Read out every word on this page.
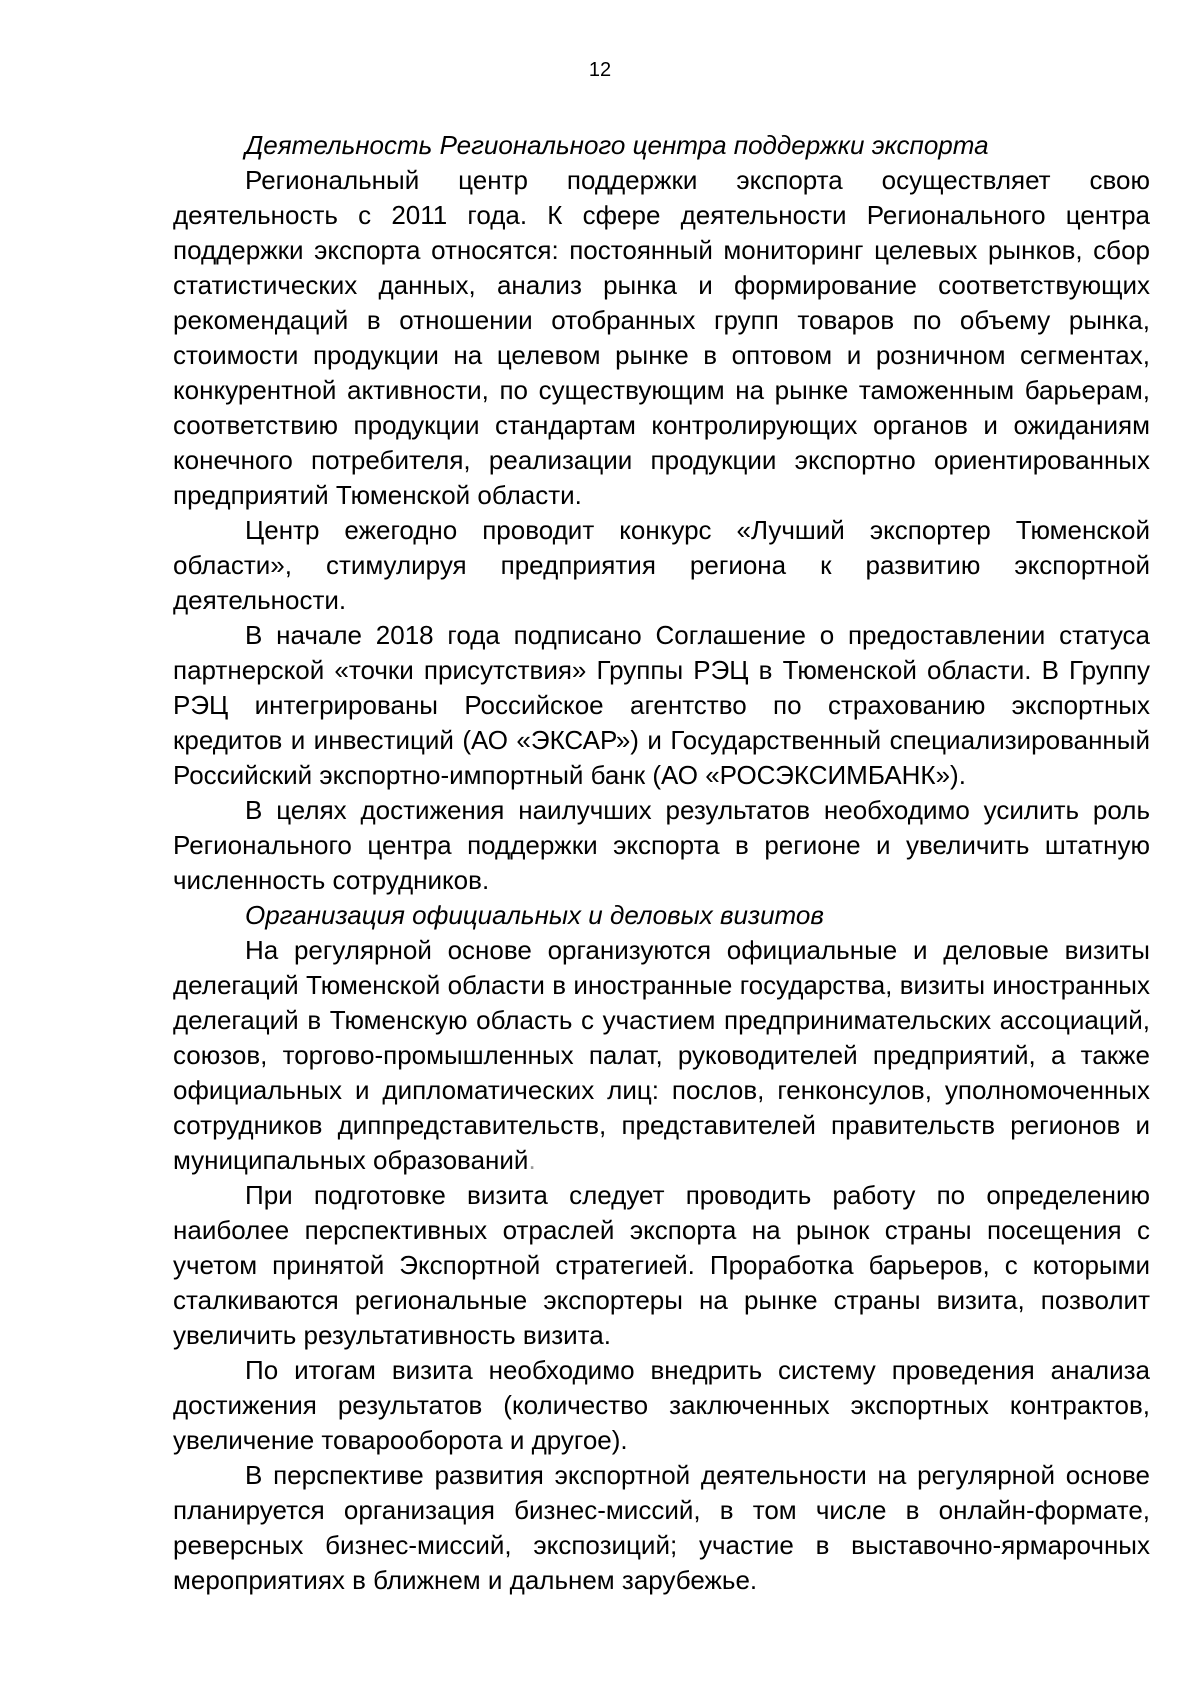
12

Деятельность Регионального центра поддержки экспорта

Региональный центр поддержки экспорта осуществляет свою деятельность с 2011 года. К сфере деятельности Регионального центра поддержки экспорта относятся: постоянный мониторинг целевых рынков, сбор статистических данных, анализ рынка и формирование соответствующих рекомендаций в отношении отобранных групп товаров по объему рынка, стоимости продукции на целевом рынке в оптовом и розничном сегментах, конкурентной активности, по существующим на рынке таможенным барьерам, соответствию продукции стандартам контролирующих органов и ожиданиям конечного потребителя, реализации продукции экспортно ориентированных предприятий Тюменской области.

Центр ежегодно проводит конкурс «Лучший экспортер Тюменской области», стимулируя предприятия региона к развитию экспортной деятельности.

В начале 2018 года подписано Соглашение о предоставлении статуса партнерской «точки присутствия» Группы РЭЦ в Тюменской области. В Группу РЭЦ интегрированы Российское агентство по страхованию экспортных кредитов и инвестиций (АО «ЭКСАР») и Государственный специализированный Российский экспортно-импортный банк (АО «РОСЭКСИМБАНК»).

В целях достижения наилучших результатов необходимо усилить роль Регионального центра поддержки экспорта в регионе и увеличить штатную численность сотрудников.

Организация официальных и деловых визитов

На регулярной основе организуются официальные и деловые визиты делегаций Тюменской области в иностранные государства, визиты иностранных делегаций в Тюменскую область с участием предпринимательских ассоциаций, союзов, торгово-промышленных палат, руководителей предприятий, а также официальных и дипломатических лиц: послов, генконсулов, уполномоченных сотрудников диппредставительств, представителей правительств регионов и муниципальных образований.

При подготовке визита следует проводить работу по определению наиболее перспективных отраслей экспорта на рынок страны посещения с учетом принятой Экспортной стратегией. Проработка барьеров, с которыми сталкиваются региональные экспортеры на рынке страны визита, позволит увеличить результативность визита.

По итогам визита необходимо внедрить систему проведения анализа достижения результатов (количество заключенных экспортных контрактов, увеличение товарооборота и другое).

В перспективе развития экспортной деятельности на регулярной основе планируется организация бизнес-миссий, в том числе в онлайн-формате, реверсных бизнес-миссий, экспозиций; участие в выставочно-ярмарочных мероприятиях в ближнем и дальнем зарубежье.
